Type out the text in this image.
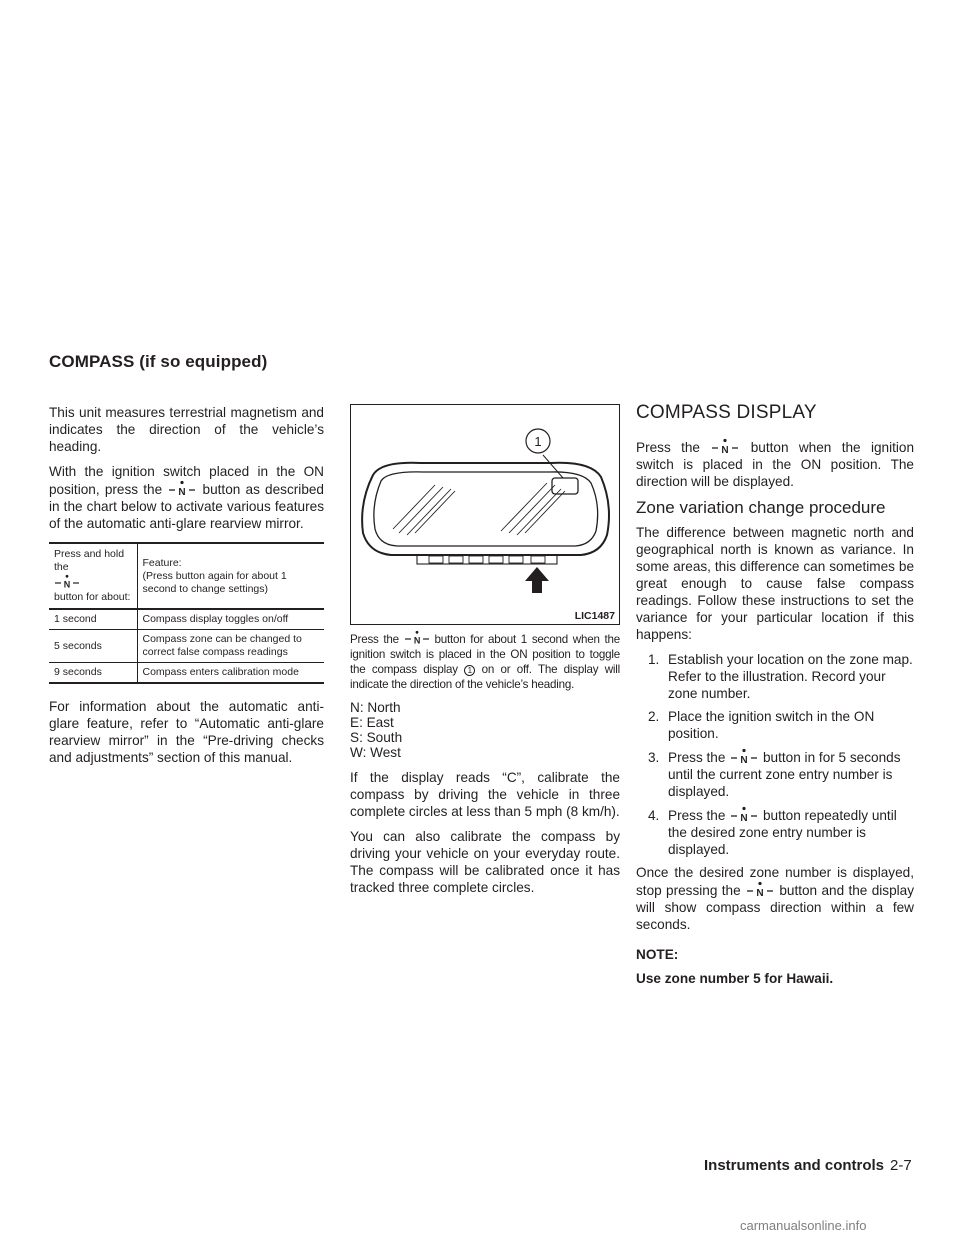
COMPASS (if so equipped)

This unit measures terrestrial magnetism and indicates the direction of the vehicle’s heading.

With the ignition switch placed in the ON position, press the N button as described in the chart below to activate various features of the automatic anti-glare rearview mirror.

Press and hold the

N

button for about:	Feature:
(Press button again for about 1 second to change settings)
1 second	Compass display toggles on/off
5 seconds	Compass zone can be changed to correct false compass readings
9 seconds	Compass enters calibration mode

For information about the automatic anti-glare feature, refer to “Automatic anti-glare rearview mirror” in the “Pre-driving checks and adjustments” section of this manual.

1
LIC1487
Press the N button for about 1 second when the ignition switch is placed in the ON position to toggle the compass display 1 on or off. The display will indicate the direction of the vehicle’s heading.
N: North
E: East
S: South
W: West

If the display reads “C”, calibrate the compass by driving the vehicle in three complete circles at less than 5 mph (8 km/h).

You can also calibrate the compass by driving your vehicle on your everyday route. The compass will be calibrated once it has tracked three complete circles.

COMPASS DISPLAY

Press the N button when the ignition switch is placed in the ON position. The direction will be displayed.

Zone variation change procedure

The difference between magnetic north and geographical north is known as variance. In some areas, this difference can sometimes be great enough to cause false compass readings. Follow these instructions to set the variance for your particular location if this happens:

1. Establish your location on the zone map. Refer to the illustration. Record your zone number.
2. Place the ignition switch in the ON position.
3. Press the N button in for 5 seconds until the current zone entry number is displayed.
4. Press the N button repeatedly until the desired zone entry number is displayed.

Once the desired zone number is displayed, stop pressing the N button and the display will show compass direction within a few seconds.

NOTE:
Use zone number 5 for Hawaii.
Instruments and controls 2-7
carmanualsonline.info
